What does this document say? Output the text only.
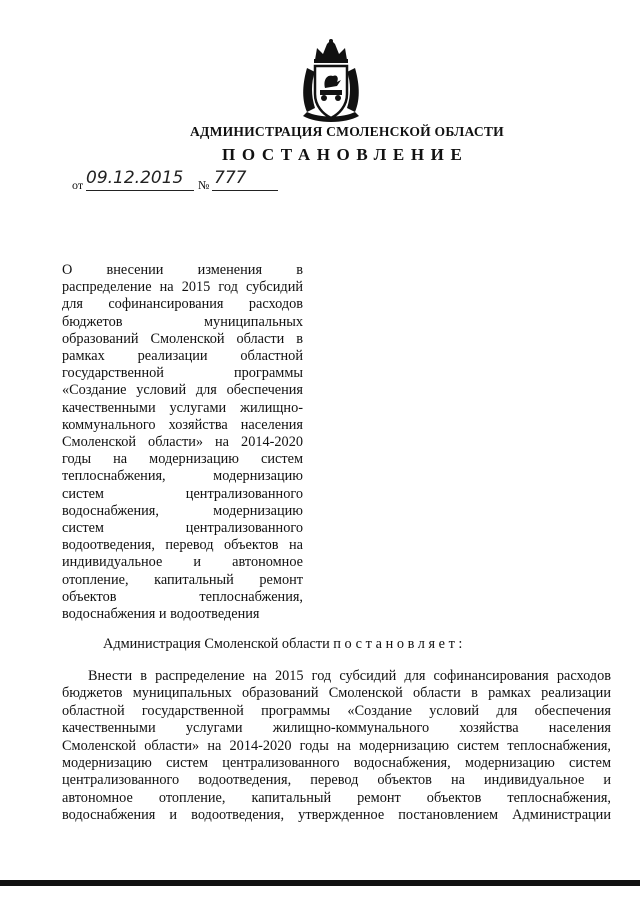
АДМИНИСТРАЦИЯ СМОЛЕНСКОЙ ОБЛАСТИ
ПОСТАНОВЛЕНИЕ
от 09.12.2015 № 777
О внесении изменения в
распределение на 2015 год субсидий
для софинансирования расходов
бюджетов муниципальных
образований Смоленской области в
рамках реализации областной
государственной программы
«Создание условий для обеспечения
качественными услугами жилищно-
коммунального хозяйства населения
Смоленской области» на 2014-2020
годы на модернизацию систем
теплоснабжения, модернизацию
систем централизованного
водоснабжения, модернизацию
систем централизованного
водоотведения, перевод объектов на
индивидуальное и автономное
отопление, капитальный ремонт
объектов теплоснабжения,
водоснабжения и водоотведения
Администрация Смоленской области постановляет:
Внести в распределение на 2015 год субсидий для софинансирования расходов
бюджетов муниципальных образований Смоленской области в рамках реализации
областной государственной программы «Создание условий для обеспечения
качественными услугами жилищно-коммунального хозяйства населения
Смоленской области» на 2014-2020 годы на модернизацию систем теплоснабжения,
модернизацию систем централизованного водоснабжения, модернизацию систем
централизованного водоотведения, перевод объектов на индивидуальное и
автономное отопление, капитальный ремонт объектов теплоснабжения,
водоснабжения и водоотведения, утвержденное постановлением Администрации
